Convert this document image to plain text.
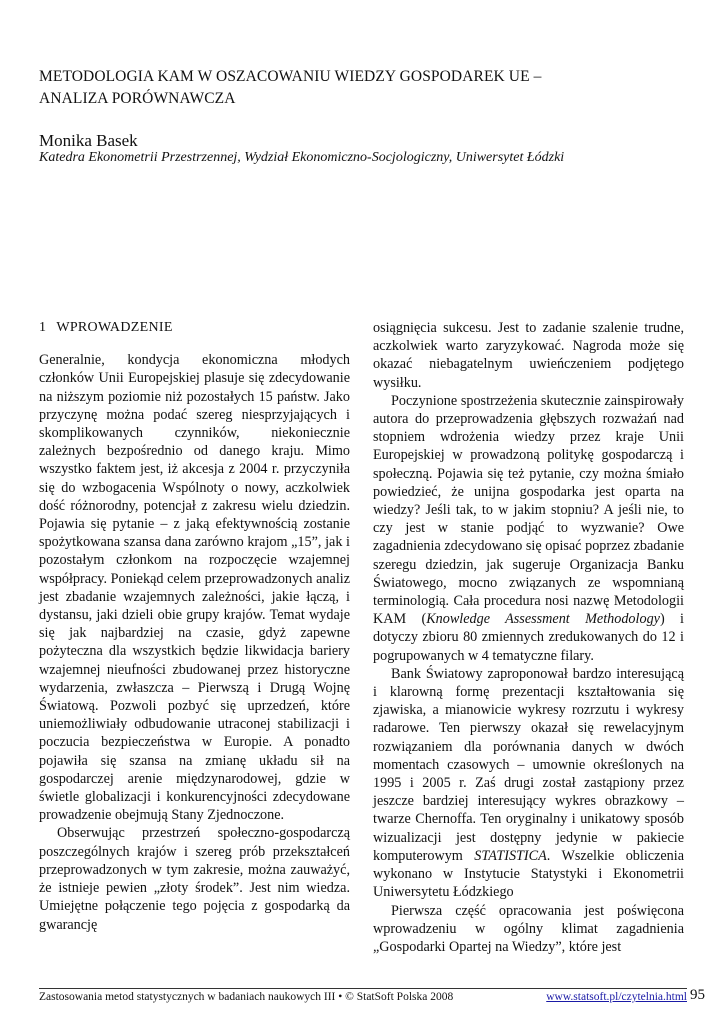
METODOLOGIA KAM W OSZACOWANIU WIEDZY GOSPODAREK UE –
ANALIZA PORÓWNAWCZA

Monika Basek

Katedra Ekonometrii Przestrzennej, Wydział Ekonomiczno-Socjologiczny, Uniwersytet Łódzki

1 WPROWADZENIE

Generalnie, kondycja ekonomiczna młodych członków Unii Europejskiej plasuje się zdecydowanie na niższym poziomie niż pozostałych 15 państw. Jako przyczynę można podać szereg niesprzyjających i skomplikowanych czynników, niekoniecznie zależnych bezpośrednio od danego kraju. Mimo wszystko faktem jest, iż akcesja z 2004 r. przyczyniła się do wzbogacenia Wspólnoty o nowy, aczkolwiek dość różnorodny, potencjał z zakresu wielu dziedzin. Pojawia się pytanie – z jaką efektywnością zostanie spożytkowana szansa dana zarówno krajom „15”, jak i pozostałym członkom na rozpoczęcie wzajemnej współpracy. Poniekąd celem przeprowadzonych analiz jest zbadanie wzajemnych zależności, jakie łączą, i dystansu, jaki dzieli obie grupy krajów. Temat wydaje się jak najbardziej na czasie, gdyż zapewne pożyteczna dla wszystkich będzie likwidacja bariery wzajemnej nieufności zbudowanej przez historyczne wydarzenia, zwłaszcza – Pierwszą i Drugą Wojnę Światową. Pozwoli pozbyć się uprzedzeń, które uniemożliwiały odbudowanie utraconej stabilizacji i poczucia bezpieczeństwa w Europie. A ponadto pojawiła się szansa na zmianę układu sił na gospodarczej arenie międzynarodowej, gdzie w świetle globalizacji i konkurencyjności zdecydowane prowadzenie obejmują Stany Zjednoczone.

Obserwując przestrzeń społeczno-gospodarczą poszczególnych krajów i szereg prób przekształceń przeprowadzonych w tym zakresie, można zauważyć, że istnieje pewien „złoty środek”. Jest nim wiedza. Umiejętne połączenie tego pojęcia z gospodarką da gwarancję

osiągnięcia sukcesu. Jest to zadanie szalenie trudne, aczkolwiek warto zaryzykować. Nagroda może się okazać niebagatelnym uwieńczeniem podjętego wysiłku.

Poczynione spostrzeżenia skutecznie zainspirowały autora do przeprowadzenia głębszych rozważań nad stopniem wdrożenia wiedzy przez kraje Unii Europejskiej w prowadzoną politykę gospodarczą i społeczną. Pojawia się też pytanie, czy można śmiało powiedzieć, że unijna gospodarka jest oparta na wiedzy? Jeśli tak, to w jakim stopniu? A jeśli nie, to czy jest w stanie podjąć to wyzwanie? Owe zagadnienia zdecydowano się opisać poprzez zbadanie szeregu dziedzin, jak sugeruje Organizacja Banku Światowego, mocno związanych ze wspomnianą terminologią. Cała procedura nosi nazwę Metodologii KAM (Knowledge Assessment Methodology) i dotyczy zbioru 80 zmiennych zredukowanych do 12 i pogrupowanych w 4 tematyczne filary.

Bank Światowy zaproponował bardzo interesującą i klarowną formę prezentacji kształtowania się zjawiska, a mianowicie wykresy rozrzutu i wykresy radarowe. Ten pierwszy okazał się rewelacyjnym rozwiązaniem dla porównania danych w dwóch momentach czasowych – umownie określonych na 1995 i 2005 r. Zaś drugi został zastąpiony przez jeszcze bardziej interesujący wykres obrazkowy – twarze Chernoffa. Ten oryginalny i unikatowy sposób wizualizacji jest dostępny jedynie w pakiecie komputerowym STATISTICA. Wszelkie obliczenia wykonano w Instytucie Statystyki i Ekonometrii Uniwersytetu Łódzkiego

Pierwsza część opracowania jest poświęcona wprowadzeniu w ogólny klimat zagadnienia „Gospodarki Opartej na Wiedzy”, które jest

Zastosowania metod statystycznych w badaniach naukowych III • © StatSoft Polska 2008	www.statsoft.pl/czytelnia.html 95
